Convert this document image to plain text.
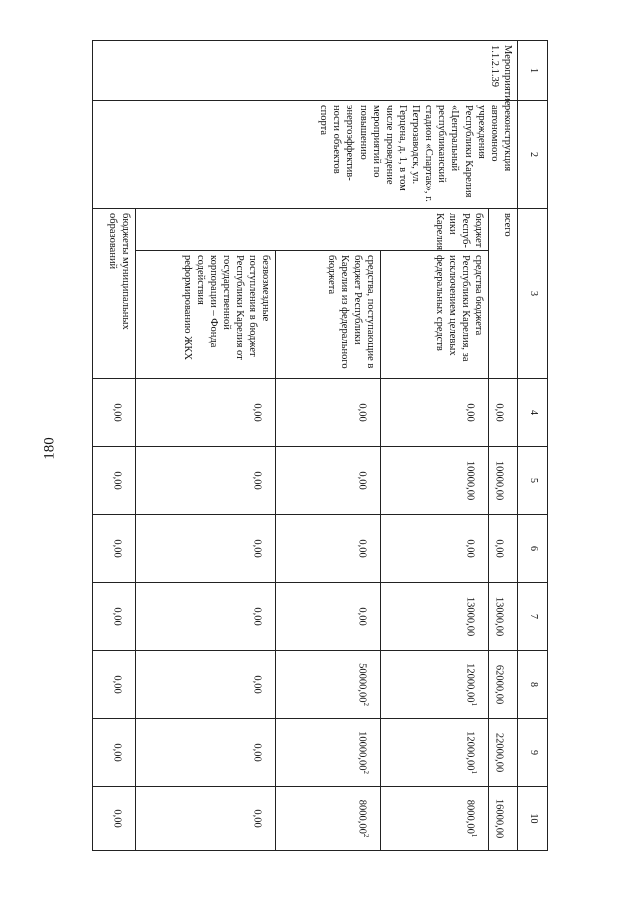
180
1	2	3		4	5	6	7	8	9	10
Мероприятие 1.1.2.1.39	реконструкция автономного учреждения Республики Карелия «Центральный республиканский стадион «Спартак», г. Петрозаводск, ул. Герцена, д. 1, в том числе проведение мероприятий по повышению энергоэффектив-ности объектов спорта	всего		0,00	10000,00	0,00	13000,00	62000,00	22000,00	16000,00
		бюджет Респуб-лики Карелия	средства бюджета Республики Карелия, за исключением целевых федеральных средств	0,00	10000,00	0,00	13000,00	12000,00$^1$	12000,00$^1$	8000,00$^1$
			средства, поступающие в бюджет Республики Карелия из федерального бюджета	0,00	0,00	0,00	0,00	50000,00$^2$	10000,00$^2$	8000,00$^2$
			безвозмездные поступления в бюджет Республики Карелия от государственной корпорации – Фонда содействия реформированию ЖКХ	0,00	0,00	0,00	0,00	0,00	0,00	0,00
		бюджеты муниципальных образований		0,00	0,00	0,00	0,00	0,00	0,00	0,00
